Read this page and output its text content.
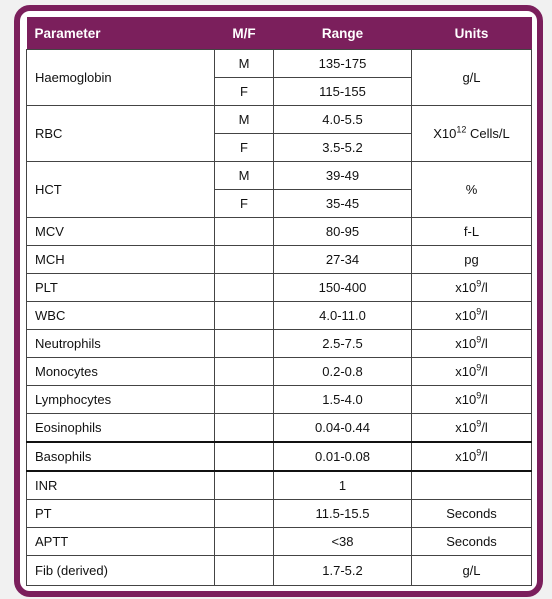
Parameter	M/F	Range	Units
Haemoglobin	M	135-175	g/L
	F	115-155	
RBC	M	4.0-5.5	$X10^{12}$ Cells/L
	F	3.5-5.2	
HCT	M	39-49	%
	F	35-45	
MCV		80-95	f-L
MCH		27-34	pg
PLT		150-400	$x10^9/l$
WBC		4.0-11.0	$x10^9/l$
Neutrophils		2.5-7.5	$x10^9/l$
Monocytes		0.2-0.8	$x10^9/l$
Lymphocytes		1.5-4.0	$x10^9/l$
Eosinophils		0.04-0.44	$x10^9/l$
Basophils		0.01-0.08	$x10^9/l$
INR		1	
PT		11.5-15.5	Seconds
APTT		<38	Seconds
Fib (derived)		1.7-5.2	g/L
